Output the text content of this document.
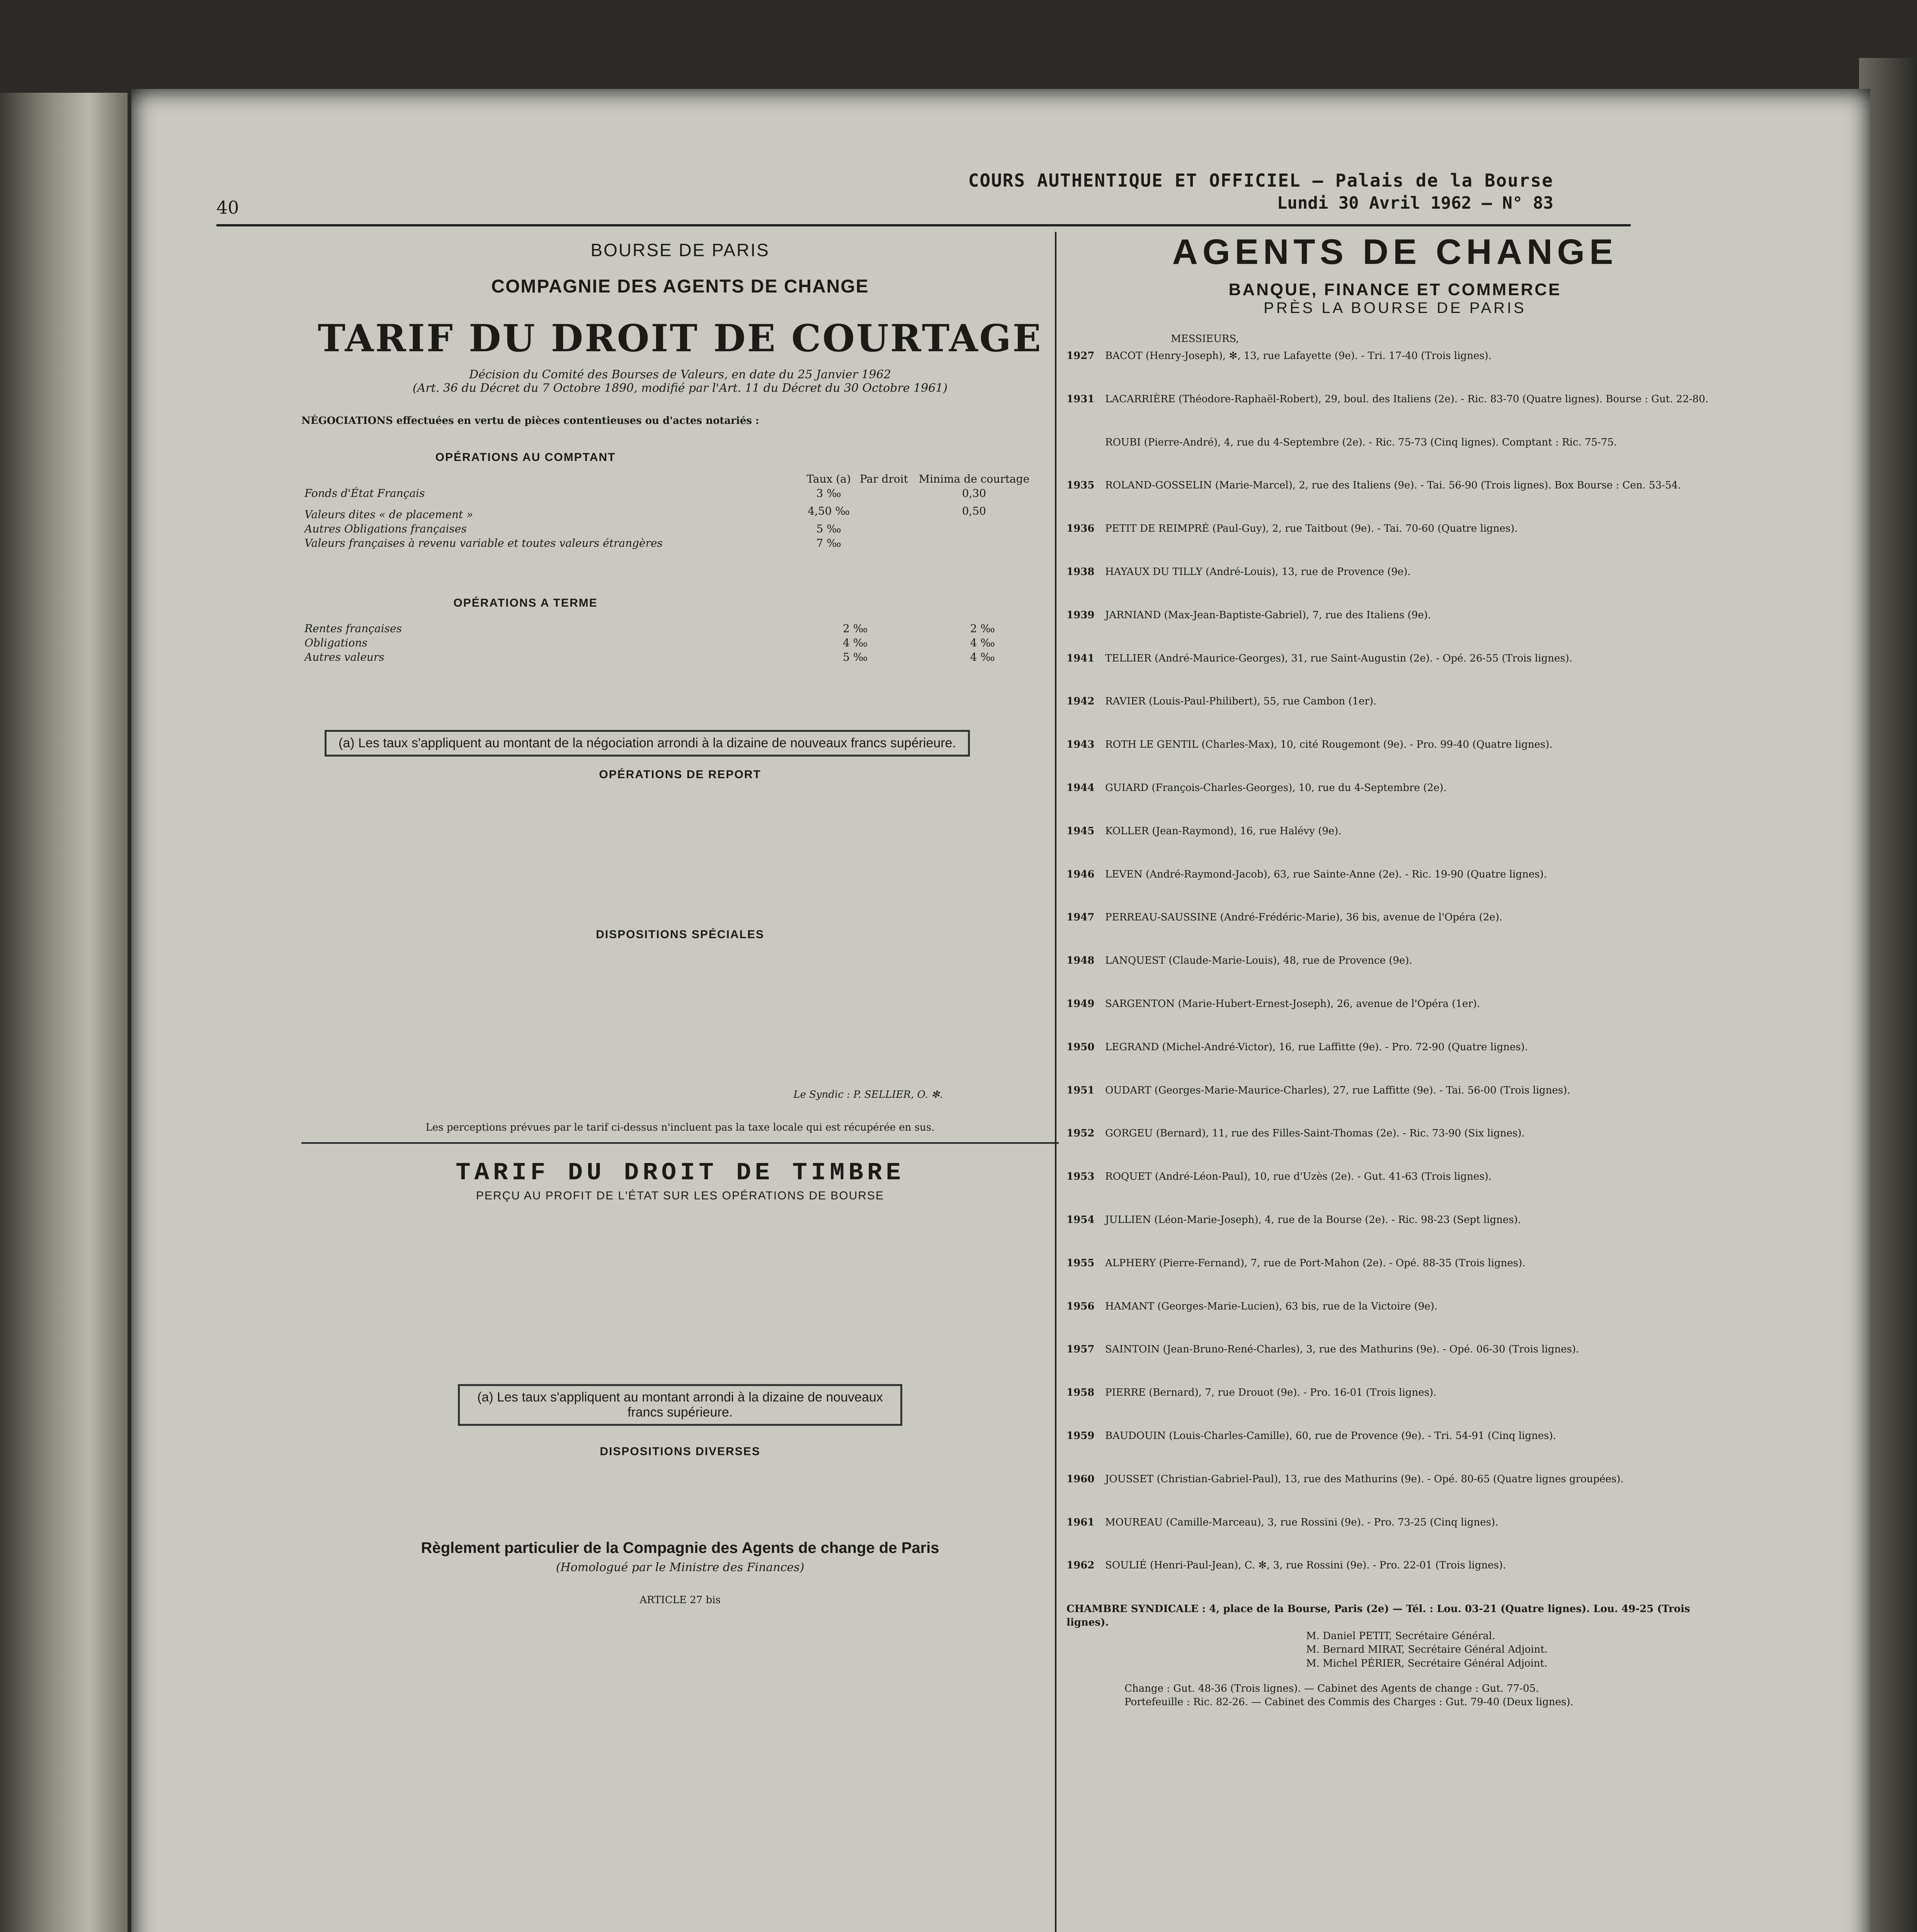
40
COURS AUTHENTIQUE ET OFFICIEL — Palais de la Bourse
Lundi 30 Avril 1962 — N° 83
BOURSE DE PARIS
COMPAGNIE DES AGENTS DE CHANGE
TARIF DU DROIT DE COURTAGE
Décision du Comité des Bourses de Valeurs, en date du 25 Janvier 1962
(Art. 36 du Décret du 7 Octobre 1890, modifié par l'Art. 11 du Décret du 30 Octobre 1961)
NÉGOCIATIONS effectuées en vertu de pièces contentieuses ou d'actes notariés :
OPÉRATIONS AU COMPTANT
	Taux (a)	Par droit	Minima de courtage
Fonds d'État Français	3 ‰		0,30
Valeurs dites « de placement »	4,50 ‰		0,50
Autres Obligations françaises	5 ‰		
Valeurs françaises à revenu variable et toutes valeurs étrangères	7 ‰		
OPÉRATIONS A TERME
Rentes françaises	2 ‰		2 ‰
Obligations	4 ‰		4 ‰
Autres valeurs	5 ‰		4 ‰
(a) Les taux s'appliquent au montant de la négociation arrondi à la dizaine de nouveaux francs supérieure.
OPÉRATIONS DE REPORT
DISPOSITIONS SPÉCIALES
Le Syndic : P. SELLIER, O. ✻.
Les perceptions prévues par le tarif ci-dessus n'incluent pas la taxe locale qui est récupérée en sus.
TARIF DU DROIT DE TIMBRE
PERÇU AU PROFIT DE L'ÉTAT SUR LES OPÉRATIONS DE BOURSE
(a) Les taux s'appliquent au montant arrondi à la dizaine de nouveaux francs supérieure.
DISPOSITIONS DIVERSES
Règlement particulier de la Compagnie des Agents de change de Paris
(Homologué par le Ministre des Finances)
ARTICLE 27 bis
AGENTS DE CHANGE
BANQUE, FINANCE ET COMMERCE
PRÈS LA BOURSE DE PARIS
MESSIEURS,

1927 BACOT (Henry-Joseph), ✻, 13, rue Lafayette (9e). - Tri. 17-40 (Trois lignes).

1931 LACARRIÈRE (Théodore-Raphaël-Robert), 29, boul. des Italiens (2e). - Ric. 83-70 (Quatre lignes). Bourse : Gut. 22-80.

ROUBI (Pierre-André), 4, rue du 4-Septembre (2e). - Ric. 75-73 (Cinq lignes). Comptant : Ric. 75-75.

1935 ROLAND-GOSSELIN (Marie-Marcel), 2, rue des Italiens (9e). - Tai. 56-90 (Trois lignes). Box Bourse : Cen. 53-54.

1936 PETIT DE REIMPRÉ (Paul-Guy), 2, rue Taitbout (9e). - Tai. 70-60 (Quatre lignes).

1938 HAYAUX DU TILLY (André-Louis), 13, rue de Provence (9e).

1939 JARNIAND (Max-Jean-Baptiste-Gabriel), 7, rue des Italiens (9e).

1941 TELLIER (André-Maurice-Georges), 31, rue Saint-Augustin (2e). - Opé. 26-55 (Trois lignes).

1942 RAVIER (Louis-Paul-Philibert), 55, rue Cambon (1er).

1943 ROTH LE GENTIL (Charles-Max), 10, cité Rougemont (9e). - Pro. 99-40 (Quatre lignes).

1944 GUIARD (François-Charles-Georges), 10, rue du 4-Septembre (2e).

1945 KOLLER (Jean-Raymond), 16, rue Halévy (9e).

1946 LEVEN (André-Raymond-Jacob), 63, rue Sainte-Anne (2e). - Ric. 19-90 (Quatre lignes).

1947 PERREAU-SAUSSINE (André-Frédéric-Marie), 36 bis, avenue de l'Opéra (2e).

1948 LANQUEST (Claude-Marie-Louis), 48, rue de Provence (9e).

1949 SARGENTON (Marie-Hubert-Ernest-Joseph), 26, avenue de l'Opéra (1er).

1950 LEGRAND (Michel-André-Victor), 16, rue Laffitte (9e). - Pro. 72-90 (Quatre lignes).

1951 OUDART (Georges-Marie-Maurice-Charles), 27, rue Laffitte (9e). - Tai. 56-00 (Trois lignes).

1952 GORGEU (Bernard), 11, rue des Filles-Saint-Thomas (2e). - Ric. 73-90 (Six lignes).

1953 ROQUET (André-Léon-Paul), 10, rue d'Uzès (2e). - Gut. 41-63 (Trois lignes).

1954 JULLIEN (Léon-Marie-Joseph), 4, rue de la Bourse (2e). - Ric. 98-23 (Sept lignes).

1955 ALPHERY (Pierre-Fernand), 7, rue de Port-Mahon (2e). - Opé. 88-35 (Trois lignes).

1956 HAMANT (Georges-Marie-Lucien), 63 bis, rue de la Victoire (9e).

1957 SAINTOIN (Jean-Bruno-René-Charles), 3, rue des Mathurins (9e). - Opé. 06-30 (Trois lignes).

1958 PIERRE (Bernard), 7, rue Drouot (9e). - Pro. 16-01 (Trois lignes).

1959 BAUDOUIN (Louis-Charles-Camille), 60, rue de Provence (9e). - Tri. 54-91 (Cinq lignes).

1960 JOUSSET (Christian-Gabriel-Paul), 13, rue des Mathurins (9e). - Opé. 80-65 (Quatre lignes groupées).

1961 MOUREAU (Camille-Marceau), 3, rue Rossini (9e). - Pro. 73-25 (Cinq lignes).

1962 SOULIÉ (Henri-Paul-Jean), C. ✻, 3, rue Rossini (9e). - Pro. 22-01 (Trois lignes).

CHAMBRE SYNDICALE : 4, place de la Bourse, Paris (2e) — Tél. : Lou. 03-21 (Quatre lignes). Lou. 49-25 (Trois lignes).
M. Daniel PETIT, Secrétaire Général.
M. Bernard MIRAT, Secrétaire Général Adjoint.
M. Michel PÉRIER, Secrétaire Général Adjoint.
Change : Gut. 48-36 (Trois lignes). — Cabinet des Agents de change : Gut. 77-05.
Portefeuille : Ric. 82-26. — Cabinet des Commis des Charges : Gut. 79-40 (Deux lignes).
